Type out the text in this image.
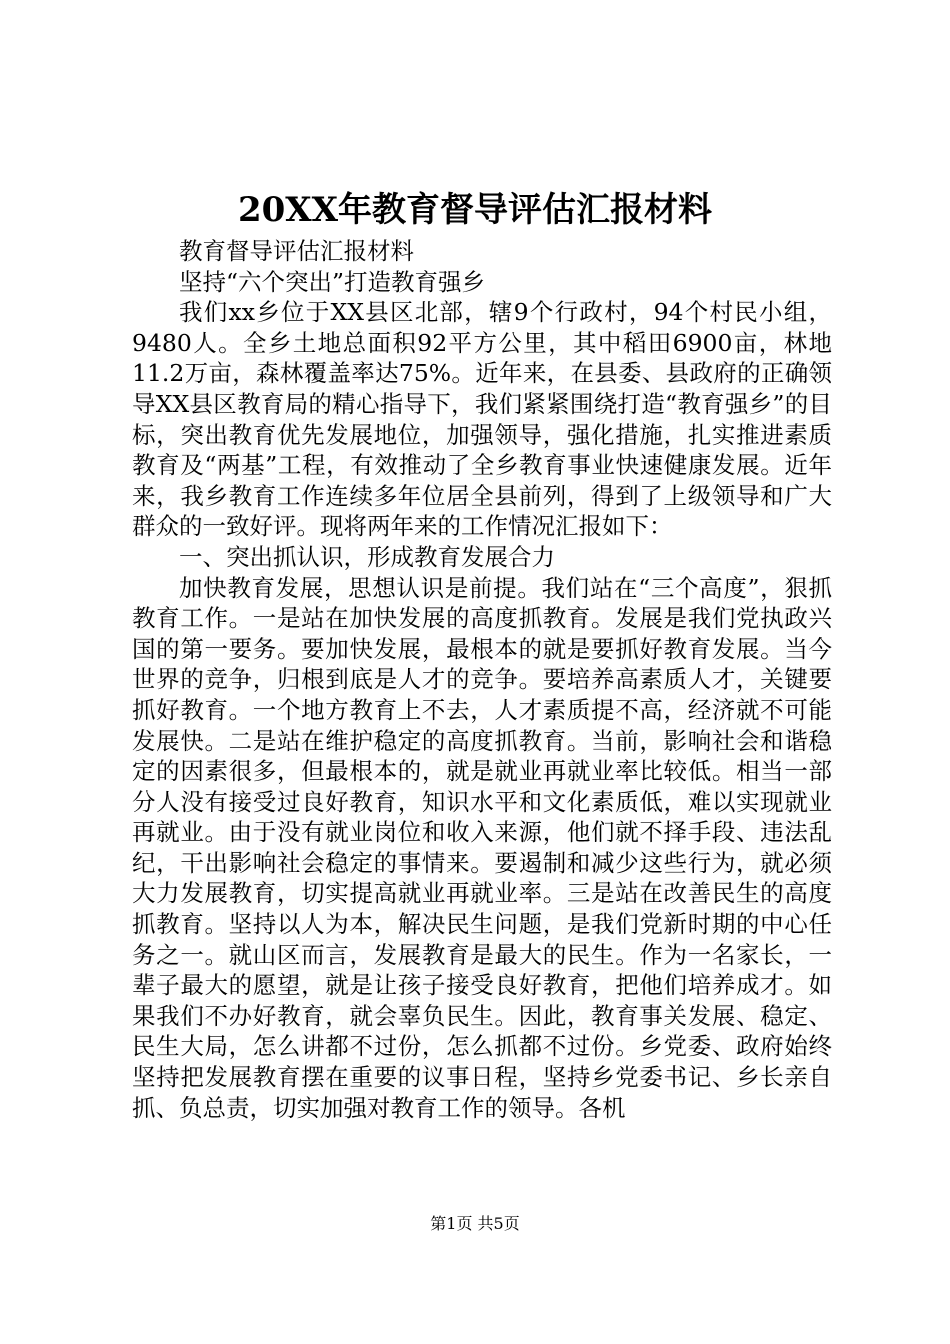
20XX年教育督导评估汇报材料

教育督导评估汇报材料

坚持“六个突出”打造教育强乡

我们xx乡位于XX县区北部，辖9个行政村，94个村民小组，9480人。全乡土地总面积92平方公里，其中稻田6900亩，林地11.2万亩，森林覆盖率达75%。近年来，在县委、县政府的正确领导XX县区教育局的精心指导下，我们紧紧围绕打造“教育强乡”的目标，突出教育优先发展地位，加强领导，强化措施，扎实推进素质教育及“两基”工程，有效推动了全乡教育事业快速健康发展。近年来，我乡教育工作连续多年位居全县前列，得到了上级领导和广大群众的一致好评。现将两年来的工作情况汇报如下：

一、突出抓认识，形成教育发展合力

加快教育发展，思想认识是前提。我们站在“三个高度”，狠抓教育工作。一是站在加快发展的高度抓教育。发展是我们党执政兴国的第一要务。要加快发展，最根本的就是要抓好教育发展。当今世界的竞争，归根到底是人才的竞争。要培养高素质人才，关键要抓好教育。一个地方教育上不去，人才素质提不高，经济就不可能发展快。二是站在维护稳定的高度抓教育。当前，影响社会和谐稳定的因素很多，但最根本的，就是就业再就业率比较低。相当一部分人没有接受过良好教育，知识水平和文化素质低，难以实现就业再就业。由于没有就业岗位和收入来源，他们就不择手段、违法乱纪，干出影响社会稳定的事情来。要遏制和减少这些行为，就必须大力发展教育，切实提高就业再就业率。三是站在改善民生的高度抓教育。坚持以人为本，解决民生问题，是我们党新时期的中心任务之一。就山区而言，发展教育是最大的民生。作为一名家长，一辈子最大的愿望，就是让孩子接受良好教育，把他们培养成才。如果我们不办好教育，就会辜负民生。因此，教育事关发展、稳定、民生大局，怎么讲都不过份，怎么抓都不过份。乡党委、政府始终坚持把发展教育摆在重要的议事日程，坚持乡党委书记、乡长亲自抓、负总责，切实加强对教育工作的领导。各机

第1页 共5页
